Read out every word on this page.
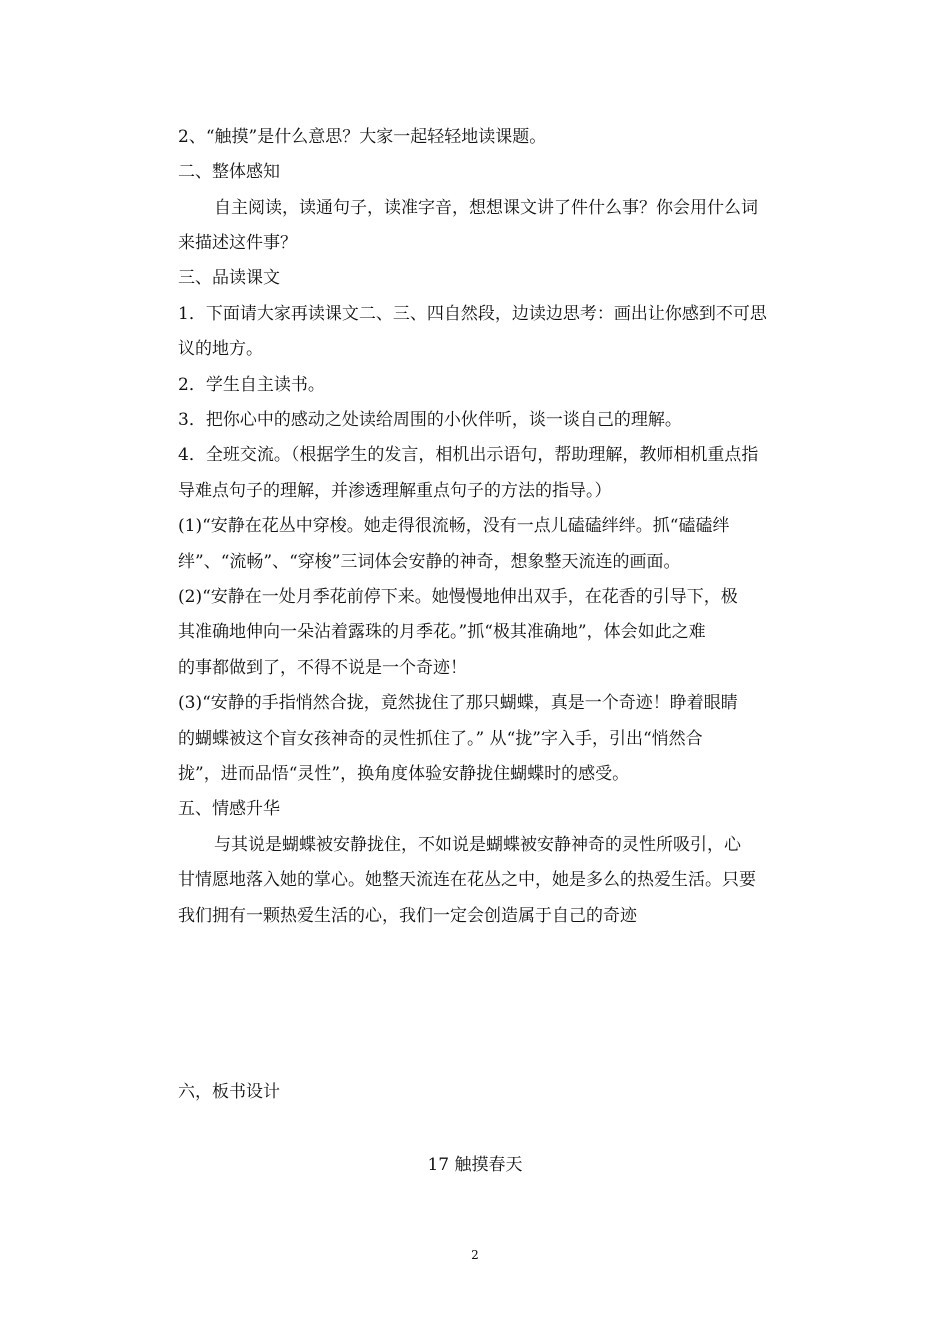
2、“触摸”是什么意思？大家一起轻轻地读课题。
二、整体感知
自主阅读，读通句子，读准字音，想想课文讲了件什么事？你会用什么词
来描述这件事？
三、品读课文
1．下面请大家再读课文二、三、四自然段，边读边思考：画出让你感到不可思
议的地方。
2．学生自主读书。
3．把你心中的感动之处读给周围的小伙伴听，谈一谈自己的理解。
4．全班交流。（根据学生的发言，相机出示语句，帮助理解，教师相机重点指
导难点句子的理解，并渗透理解重点句子的方法的指导。）
(1)“安静在花丛中穿梭。她走得很流畅，没有一点儿磕磕绊绊。抓“磕磕绊
绊”、“流畅”、“穿梭”三词体会安静的神奇，想象整天流连的画面。
(2)“安静在一处月季花前停下来。她慢慢地伸出双手，在花香的引导下，极
其准确地伸向一朵沾着露珠的月季花。”抓“极其准确地”，体会如此之难
的事都做到了，不得不说是一个奇迹！
(3)“安静的手指悄然合拢，竟然拢住了那只蝴蝶，真是一个奇迹！睁着眼睛
的蝴蝶被这个盲女孩神奇的灵性抓住了。” 从“拢”字入手，引出“悄然合
拢”，进而品悟“灵性”，换角度体验安静拢住蝴蝶时的感受。
五、情感升华
与其说是蝴蝶被安静拢住，不如说是蝴蝶被安静神奇的灵性所吸引，心
甘情愿地落入她的掌心。她整天流连在花丛之中，她是多么的热爱生活。只要
我们拥有一颗热爱生活的心，我们一定会创造属于自己的奇迹
六，板书设计
17 触摸春天
2
